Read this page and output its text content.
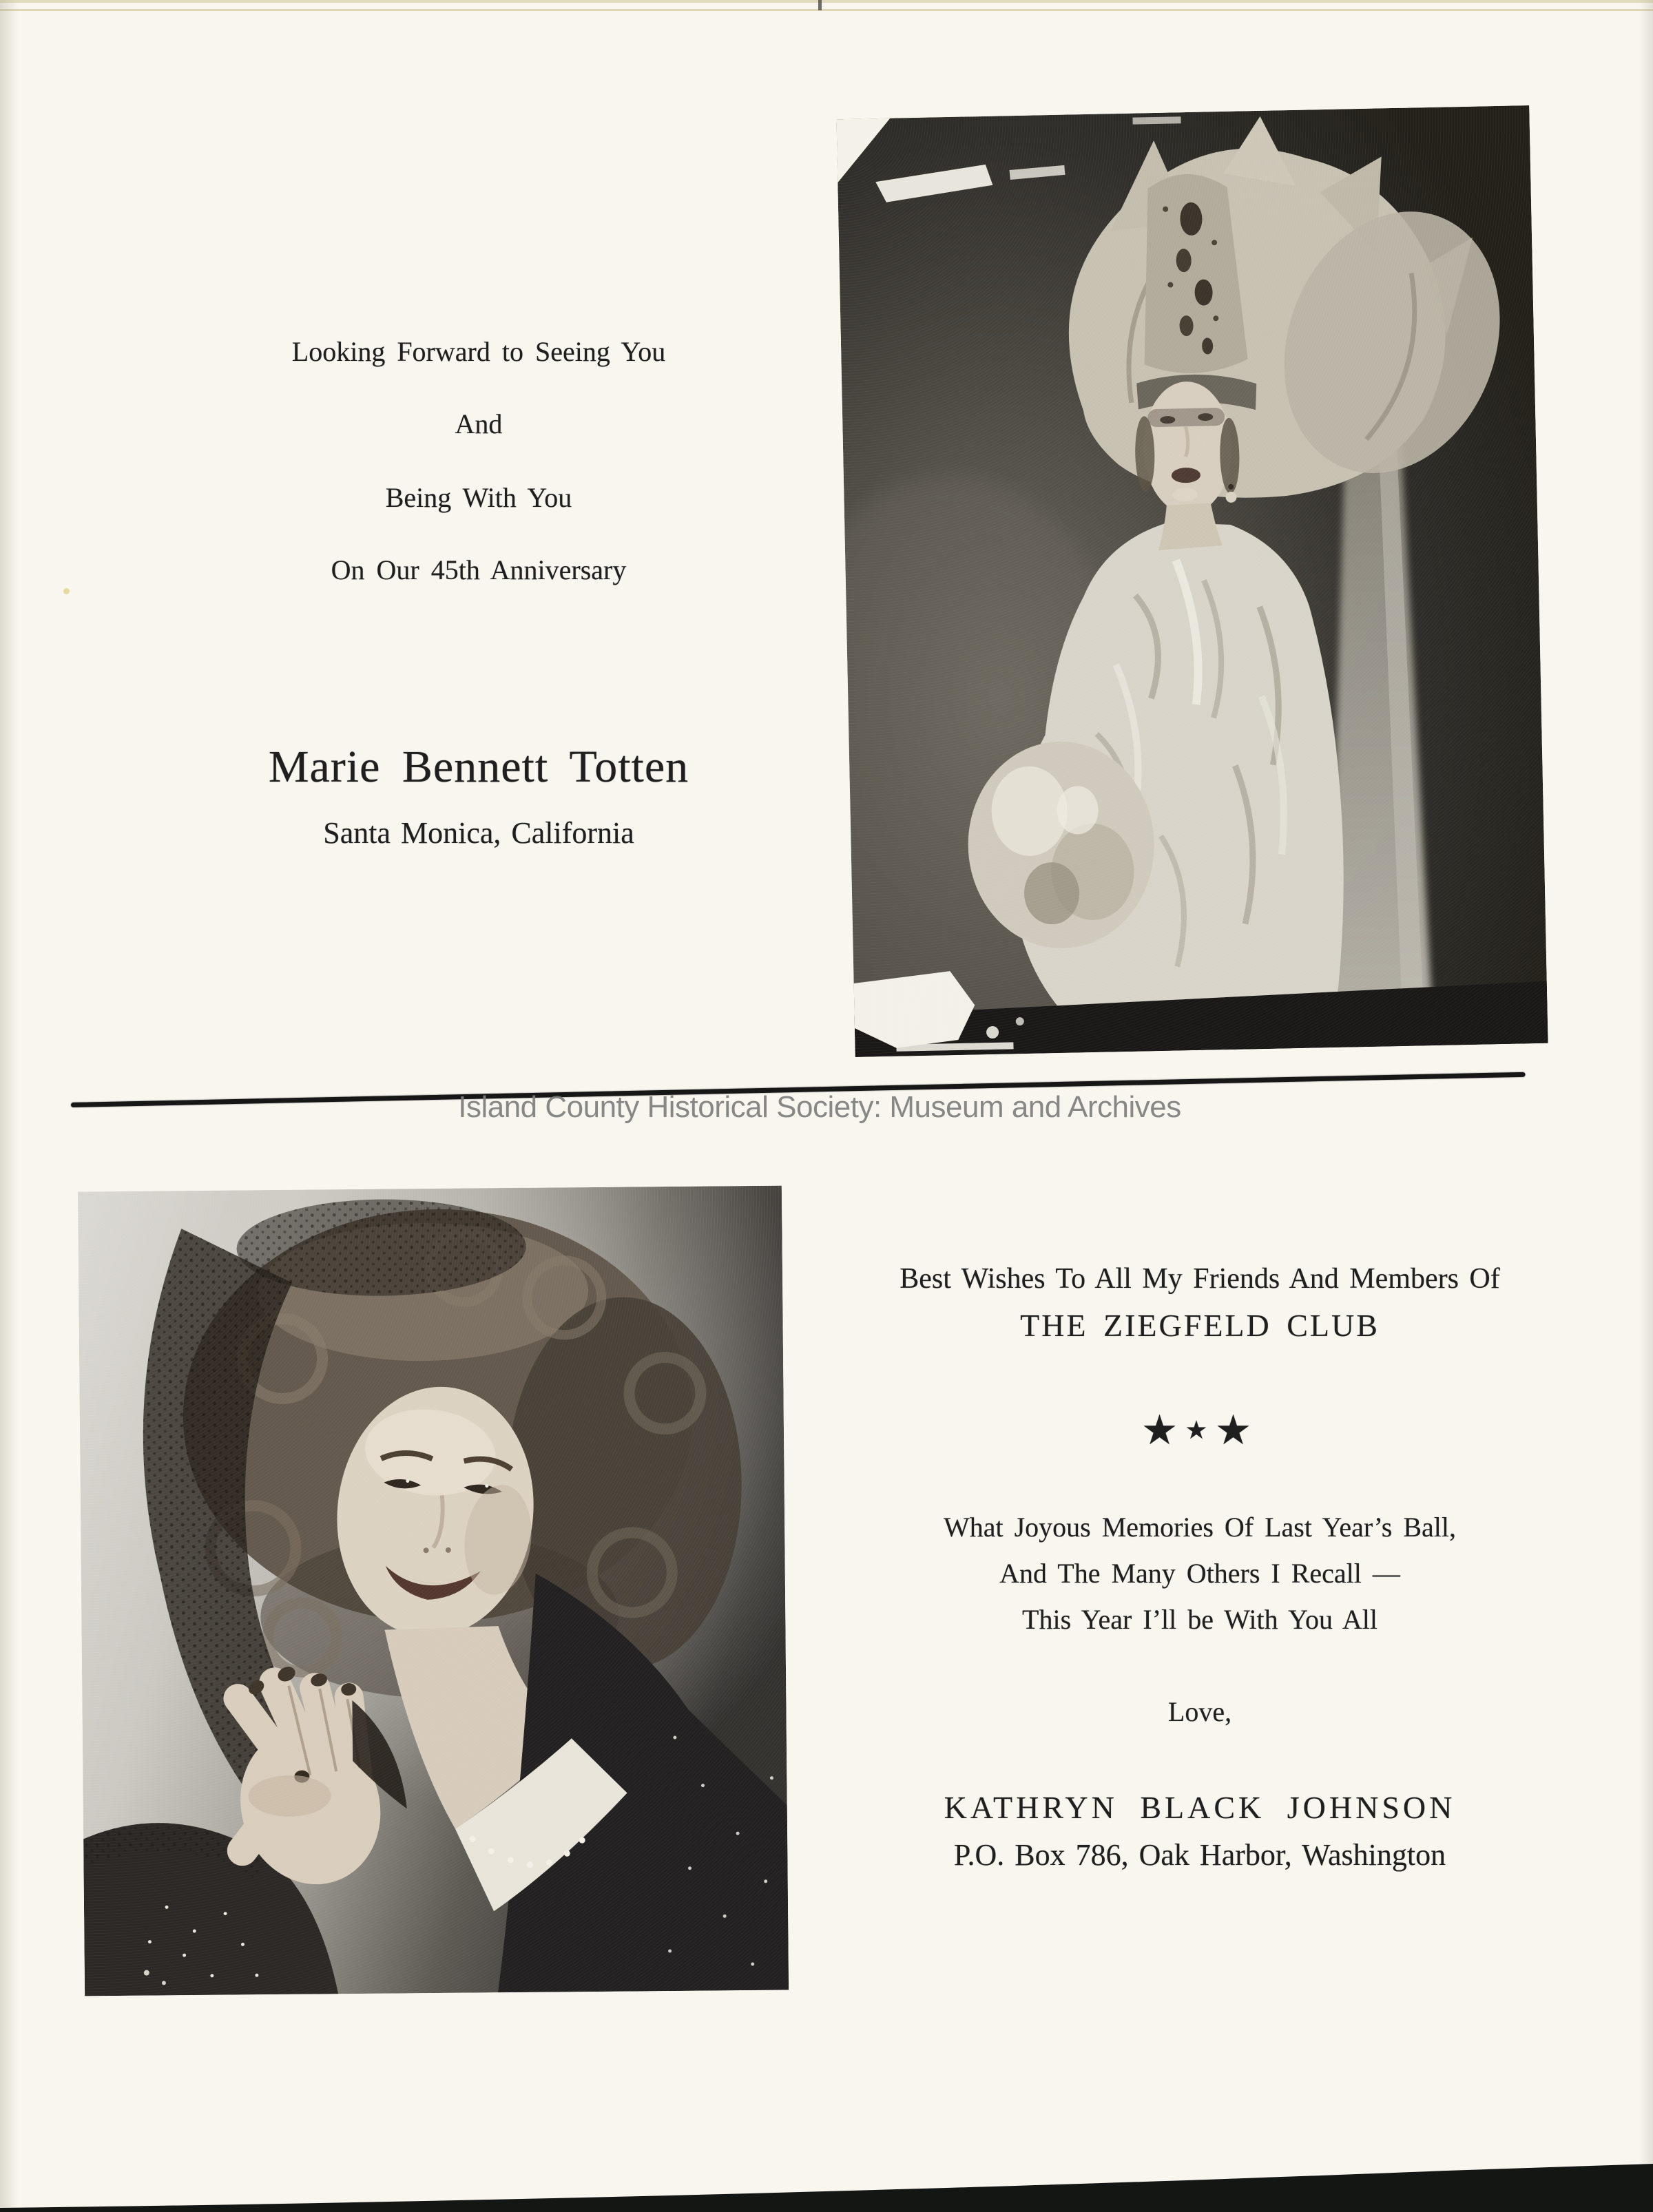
Looking Forward to Seeing You
And
Being With You
On Our 45th Anniversary
Marie Bennett Totten
Santa Monica, California
Island County Historical Society: Museum and Archives
Best Wishes To All My Friends And Members Of
THE ZIEGFELD CLUB
★★★
What Joyous Memories Of Last Year’s Ball,
And The Many Others I Recall —
This Year I’ll be With You All
Love,
KATHRYN BLACK JOHNSON
P.O. Box 786, Oak Harbor, Washington
